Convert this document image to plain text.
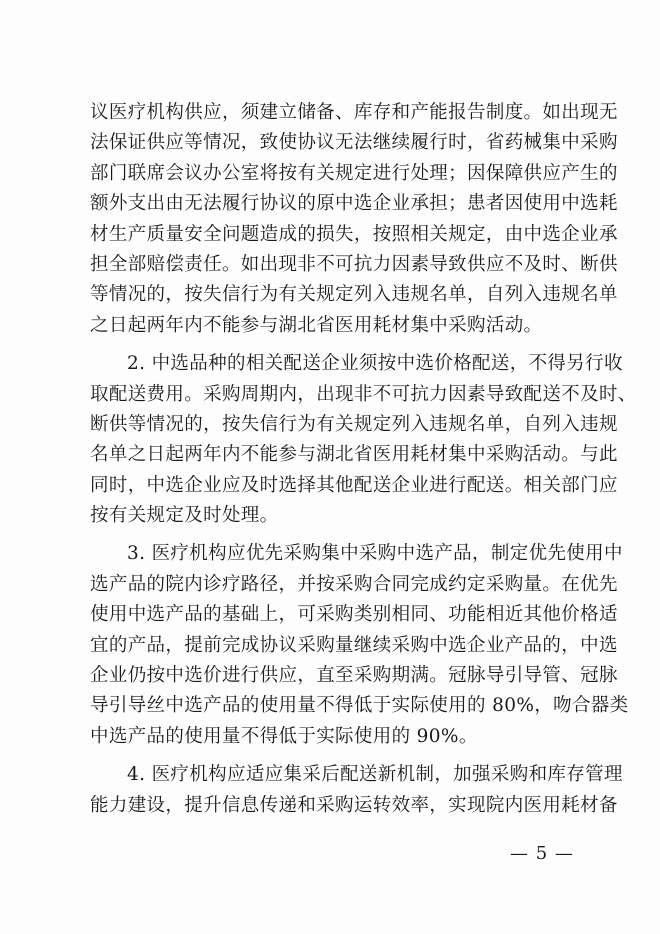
议医疗机构供应，须建立储备、库存和产能报告制度。如出现无
法保证供应等情况，致使协议无法继续履行时，省药械集中采购
部门联席会议办公室将按有关规定进行处理；因保障供应产生的
额外支出由无法履行协议的原中选企业承担；患者因使用中选耗
材生产质量安全问题造成的损失，按照相关规定，由中选企业承
担全部赔偿责任。如出现非不可抗力因素导致供应不及时、断供
等情况的，按失信行为有关规定列入违规名单，自列入违规名单
之日起两年内不能参与湖北省医用耗材集中采购活动。
2. 中选品种的相关配送企业须按中选价格配送，不得另行收
取配送费用。采购周期内，出现非不可抗力因素导致配送不及时、
断供等情况的，按失信行为有关规定列入违规名单，自列入违规
名单之日起两年内不能参与湖北省医用耗材集中采购活动。与此
同时，中选企业应及时选择其他配送企业进行配送。相关部门应
按有关规定及时处理。
3. 医疗机构应优先采购集中采购中选产品，制定优先使用中
选产品的院内诊疗路径，并按采购合同完成约定采购量。在优先
使用中选产品的基础上，可采购类别相同、功能相近其他价格适
宜的产品，提前完成协议采购量继续采购中选企业产品的，中选
企业仍按中选价进行供应，直至采购期满。冠脉导引导管、冠脉
导引导丝中选产品的使用量不得低于实际使用的 80%，吻合器类
中选产品的使用量不得低于实际使用的 90%。
4. 医疗机构应适应集采后配送新机制，加强采购和库存管理
能力建设，提升信息传递和采购运转效率，实现院内医用耗材备
— 5 —
